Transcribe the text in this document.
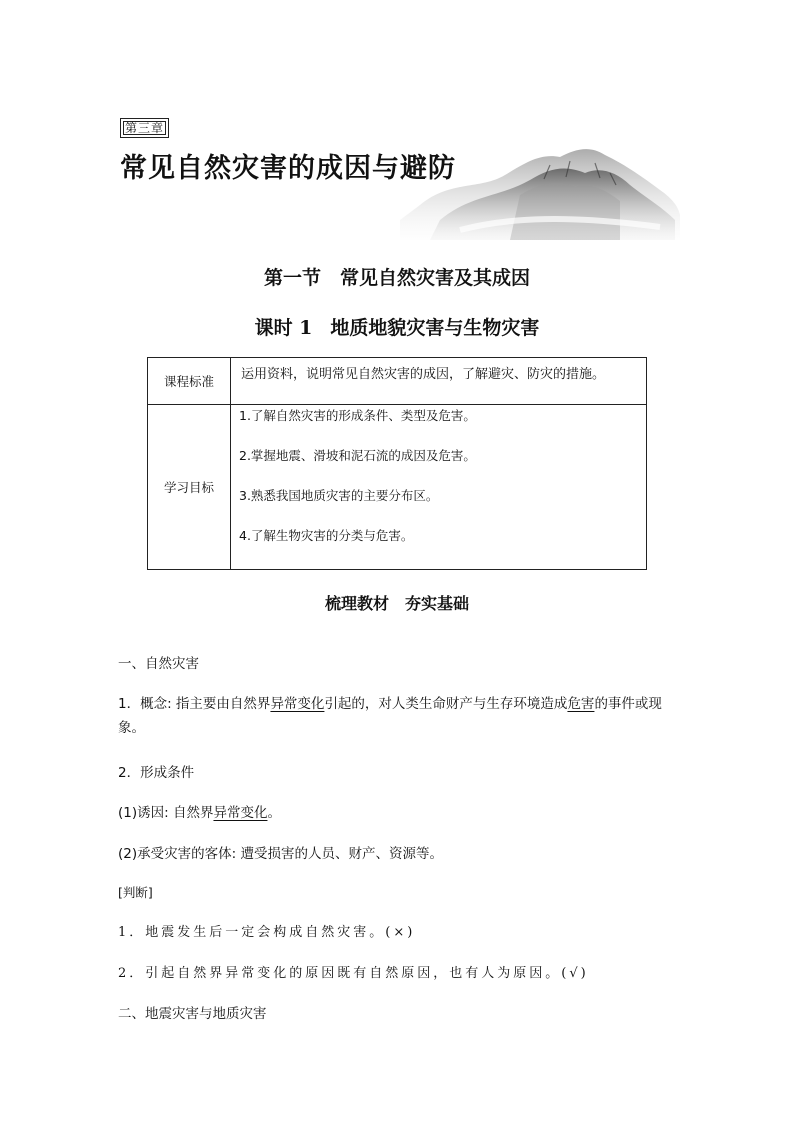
第三章
常见自然灾害的成因与避防
第一节　常见自然灾害及其成因
课时 1 地质地貌灾害与生物灾害
课程标准	运用资料，说明常见自然灾害的成因，了解避灾、防灾的措施。
学习目标	1.了解自然灾害的形成条件、类型及危害。
2.掌握地震、滑坡和泥石流的成因及危害。
3.熟悉我国地质灾害的主要分布区。
4.了解生物灾害的分类与危害。
梳理教材　夯实基础
一、自然灾害
1．概念: 指主要由自然界异常变化引起的，对人类生命财产与生存环境造成危害的事件或现
象。
2．形成条件
(1)诱因: 自然界异常变化。
(2)承受灾害的客体: 遭受损害的人员、财产、资源等。
[判断]
1．地震发生后一定会构成自然灾害。(×)
2．引起自然界异常变化的原因既有自然原因，也有人为原因。(√)
二、地震灾害与地质灾害
